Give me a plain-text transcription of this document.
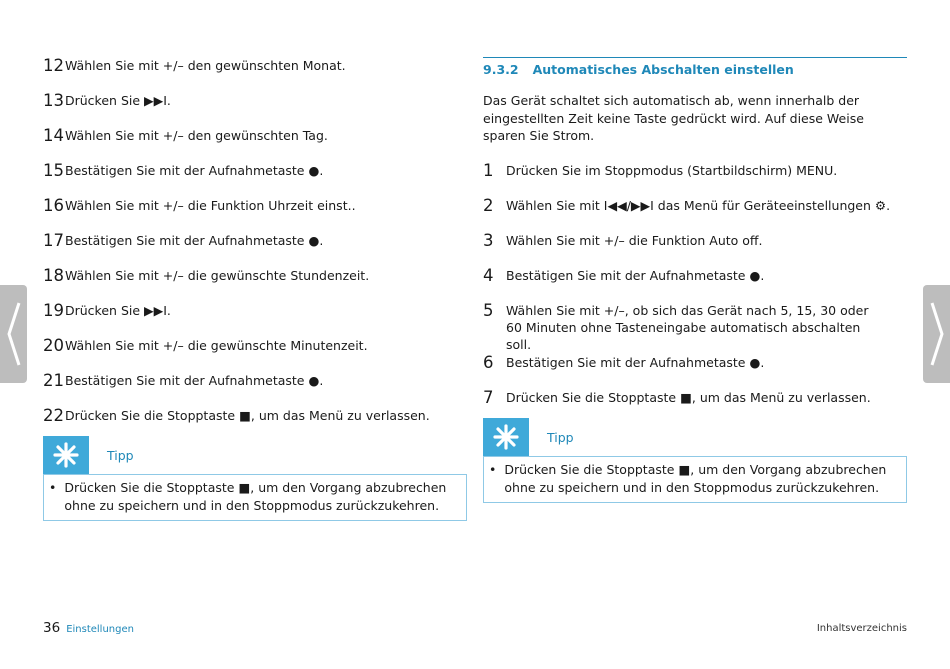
12 Wählen Sie mit +/– den gewünschten Monat.
13 Drücken Sie ▶▶I.
14 Wählen Sie mit +/– den gewünschten Tag.
15 Bestätigen Sie mit der Aufnahmetaste ●.
16 Wählen Sie mit +/– die Funktion Uhrzeit einst..
17 Bestätigen Sie mit der Aufnahmetaste ●.
18 Wählen Sie mit +/– die gewünschte Stundenzeit.
19 Drücken Sie ▶▶I.
20 Wählen Sie mit +/– die gewünschte Minutenzeit.
21 Bestätigen Sie mit der Aufnahmetaste ●.
22 Drücken Sie die Stopptaste ■, um das Menü zu verlassen.
Tipp
• Drücken Sie die Stopptaste ■, um den Vorgang abzubrechen ohne zu speichern und in den Stoppmodus zurückzukehren.
9.3.2 Automatisches Abschalten einstellen
Das Gerät schaltet sich automatisch ab, wenn innerhalb der eingestellten Zeit keine Taste gedrückt wird. Auf diese Weise sparen Sie Strom.
1	Drücken Sie im Stoppmodus (Startbildschirm) MENU.
2	Wählen Sie mit I◀◀/▶▶I das Menü für Geräteeinstellungen ⚙.
3	Wählen Sie mit +/– die Funktion Auto off.
4	Bestätigen Sie mit der Aufnahmetaste ●.
5	Wählen Sie mit +/–, ob sich das Gerät nach 5, 15, 30 oder 60 Minuten ohne Tasteneingabe automatisch abschalten soll.
6	Bestätigen Sie mit der Aufnahmetaste ●.
7	Drücken Sie die Stopptaste ■, um das Menü zu verlassen.
Tipp
• Drücken Sie die Stopptaste ■, um den Vorgang abzubrechen ohne zu speichern und in den Stoppmodus zurückzukehren.
36 Einstellungen	Inhaltsverzeichnis
